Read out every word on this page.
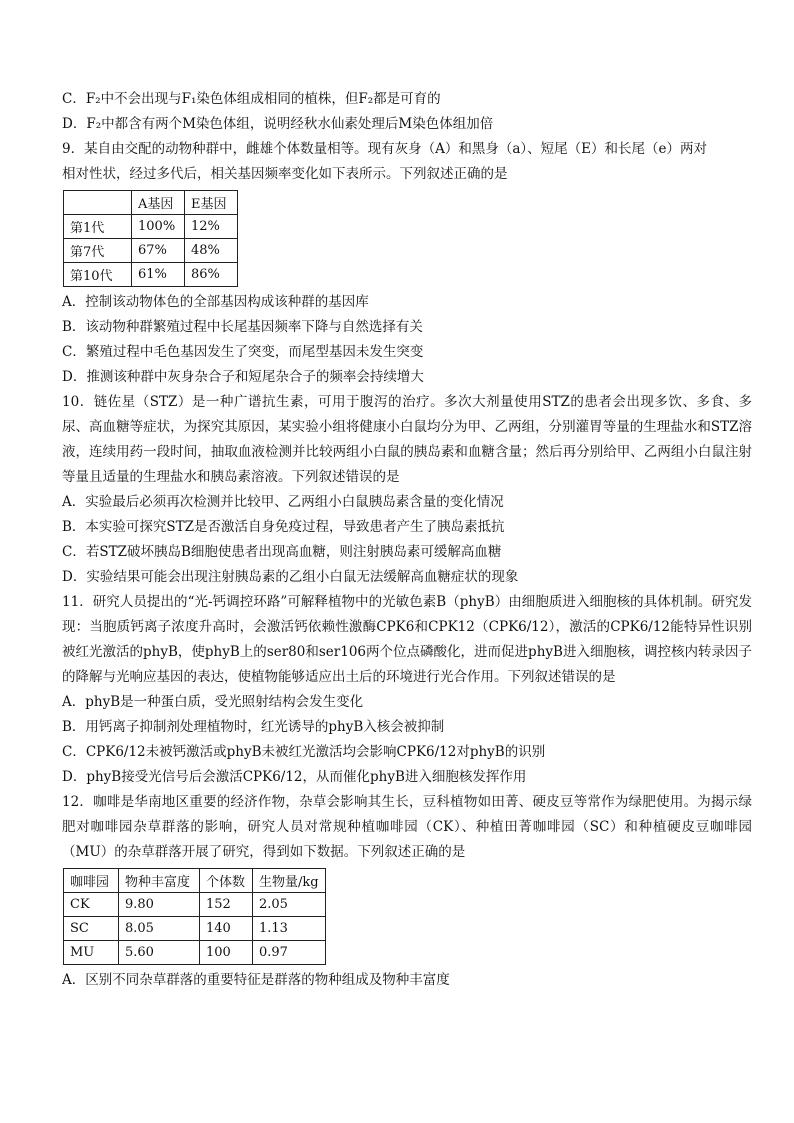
C．F₂中不会出现与F₁染色体组成相同的植株，但F₂都是可育的
D．F₂中都含有两个M染色体组，说明经秋水仙素处理后M染色体组加倍
9．某自由交配的动物种群中，雌雄个体数量相等。现有灰身（A）和黑身（a）、短尾（E）和长尾（e）两对
相对性状，经过多代后，相关基因频率变化如下表所示。下列叙述正确的是
	A基因	E基因
第1代	100%	12%
第7代	67%	48%
第10代	61%	86%
A．控制该动物体色的全部基因构成该种群的基因库
B．该动物种群繁殖过程中长尾基因频率下降与自然选择有关
C．繁殖过程中毛色基因发生了突变，而尾型基因未发生突变
D．推测该种群中灰身杂合子和短尾杂合子的频率会持续增大
10．链佐星（STZ）是一种广谱抗生素，可用于腹泻的治疗。多次大剂量使用STZ的患者会出现多饮、多食、多尿、高血糖等症状，为探究其原因，某实验小组将健康小白鼠均分为甲、乙两组，分别灌胃等量的生理盐水和STZ溶液，连续用药一段时间，抽取血液检测并比较两组小白鼠的胰岛素和血糖含量；然后再分别给甲、乙两组小白鼠注射等量且适量的生理盐水和胰岛素溶液。下列叙述错误的是
A．实验最后必须再次检测并比较甲、乙两组小白鼠胰岛素含量的变化情况
B．本实验可探究STZ是否激活自身免疫过程，导致患者产生了胰岛素抵抗
C．若STZ破坏胰岛B细胞使患者出现高血糖，则注射胰岛素可缓解高血糖
D．实验结果可能会出现注射胰岛素的乙组小白鼠无法缓解高血糖症状的现象
11．研究人员提出的“光-钙调控环路”可解释植物中的光敏色素B（phyB）由细胞质进入细胞核的具体机制。研究发现：当胞质钙离子浓度升高时，会激活钙依赖性激酶CPK6和CPK12（CPK6/12），激活的CPK6/12能特异性识别被红光激活的phyB，使phyB上的ser80和ser106两个位点磷酸化，进而促进phyB进入细胞核，调控核内转录因子的降解与光响应基因的表达，使植物能够适应出土后的环境进行光合作用。下列叙述错误的是
A．phyB是一种蛋白质，受光照射结构会发生变化
B．用钙离子抑制剂处理植物时，红光诱导的phyB入核会被抑制
C．CPK6/12未被钙激活或phyB未被红光激活均会影响CPK6/12对phyB的识别
D．phyB接受光信号后会激活CPK6/12，从而催化phyB进入细胞核发挥作用
12．咖啡是华南地区重要的经济作物，杂草会影响其生长，豆科植物如田菁、硬皮豆等常作为绿肥使用。为揭示绿肥对咖啡园杂草群落的影响，研究人员对常规种植咖啡园（CK）、种植田菁咖啡园（SC）和种植硬皮豆咖啡园（MU）的杂草群落开展了研究，得到如下数据。下列叙述正确的是
咖啡园	物种丰富度	个体数	生物量/kg
CK	9.80	152	2.05
SC	8.05	140	1.13
MU	5.60	100	0.97
A．区别不同杂草群落的重要特征是群落的物种组成及物种丰富度
